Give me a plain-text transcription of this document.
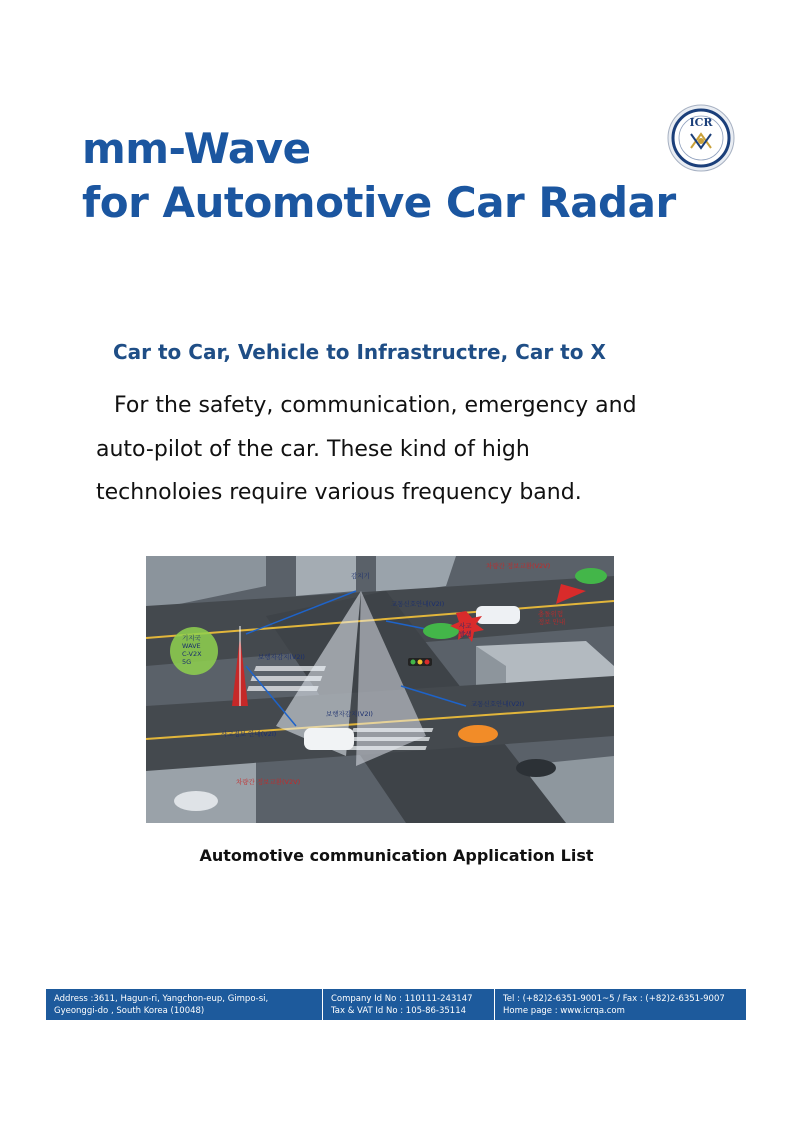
ICR
mm-Wave
for Automotive Car Radar
Car to Car, Vehicle to Infrastructre, Car to X

For the safety, communication, emergency and auto-pilot of the car. These kind of high technoloies require various frequency band.

감지기
차량간 정보교환(V2V)
교통신호안내(V2I)
보행자감지(V2I)
보행자감지(V2I)
사고정보 안내(V2I)
교통신호안내(V2I)
차량간 정보교환(V2V)
기지국 WAVE C-V2X 5G
사고 발생
충돌위험 정보 안내

Automotive communication Application List

Address :3611, Hagun-ri, Yangchon-eup, Gimpo-si,
Gyeonggi-do , South Korea (10048)
Company Id No : 110111-243147
Tax & VAT Id No : 105-86-35114
Tel : (+82)2-6351-9001~5 / Fax : (+82)2-6351-9007
Home page : www.icrqa.com
